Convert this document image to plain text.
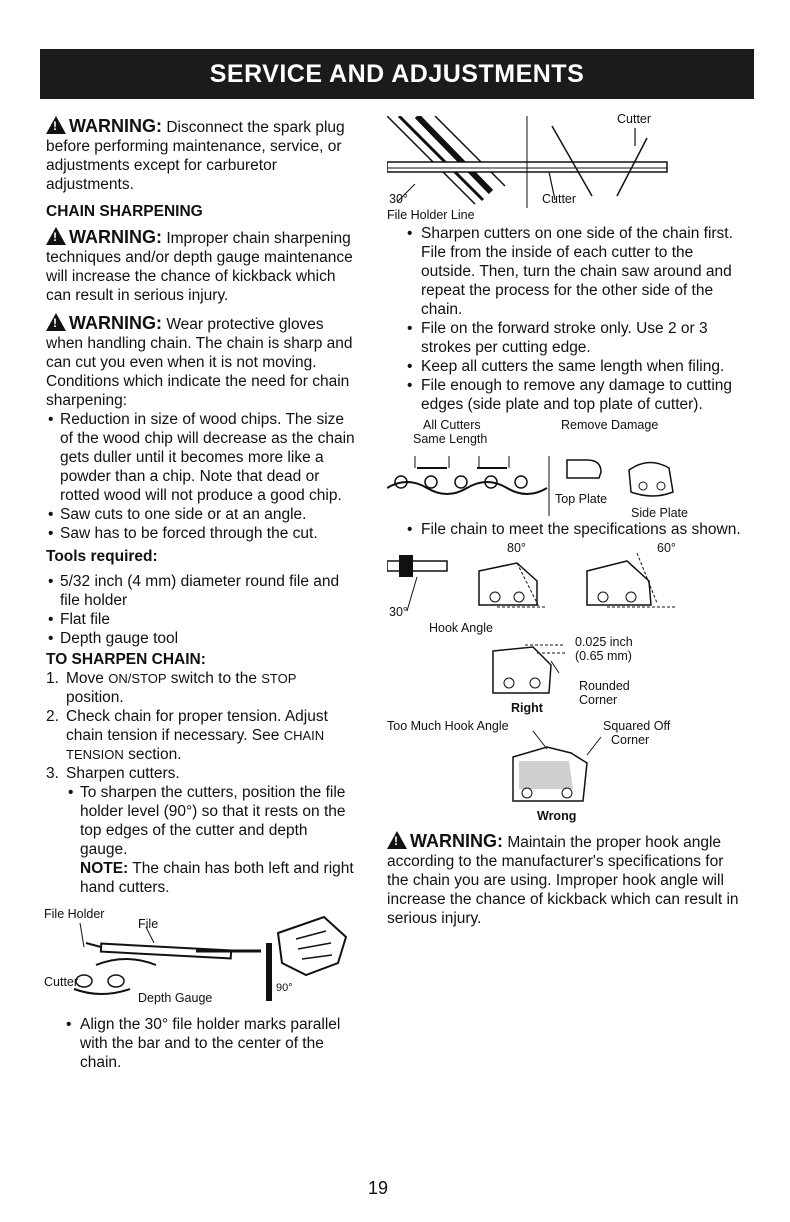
SERVICE AND ADJUSTMENTS
!WARNING: Disconnect the spark plug before performing maintenance, service, or adjustments except for carburetor adjustments.

CHAIN SHARPENING

!WARNING: Improper chain sharpening techniques and/or depth gauge maintenance will increase the chance of kickback which can result in serious injury.
!WARNING: Wear protective gloves when handling chain. The chain is sharp and can cut you even when it is not moving.

Conditions which indicate the need for chain sharpening:

• Reduction in size of wood chips. The size of the wood chip will decrease as the chain gets duller until it becomes more like a powder than a chip. Note that dead or rotted wood will not produce a good chip.
• Saw cuts to one side or at an angle.
• Saw has to be forced through the cut.

Tools required:

• 5/32 inch (4 mm) diameter round file and file holder
• Flat file
• Depth gauge tool

TO SHARPEN CHAIN:

1. Move ON/STOP switch to the STOP position.
2. Check chain for proper tension. Adjust chain tension if necessary. See CHAIN TENSION section.
3. Sharpen cutters.
• To sharpen the cutters, position the file holder level (90°) so that it rests on the top edges of the cutter and depth gauge.
NOTE: The chain has both left and right hand cutters.
File Holder
File
Cutter
Depth Gauge
90°
• Align the 30° file holder marks parallel with the bar and to the center of the chain.
Cutter
Cutter
30°
File Holder Line
• Sharpen cutters on one side of the chain first. File from the inside of each cutter to the outside. Then, turn the chain saw around and repeat the process for the other side of the chain.
• File on the forward stroke only. Use 2 or 3 strokes per cutting edge.
• Keep all cutters the same length when filing.
• File enough to remove any damage to cutting edges (side plate and top plate of cutter).
All Cutters
Same Length
Remove Damage
Top Plate
Side Plate
• File chain to meet the specifications as shown.
80°	60°
30°
Hook Angle
0.025 inch
(0.65 mm)
Rounded
Corner
Right
Too Much Hook Angle	Squared Off
Corner
Wrong
!WARNING: Maintain the proper hook angle according to the manufacturer's specifications for the chain you are using. Improper hook angle will increase the chance of kickback which can result in serious injury.
19
